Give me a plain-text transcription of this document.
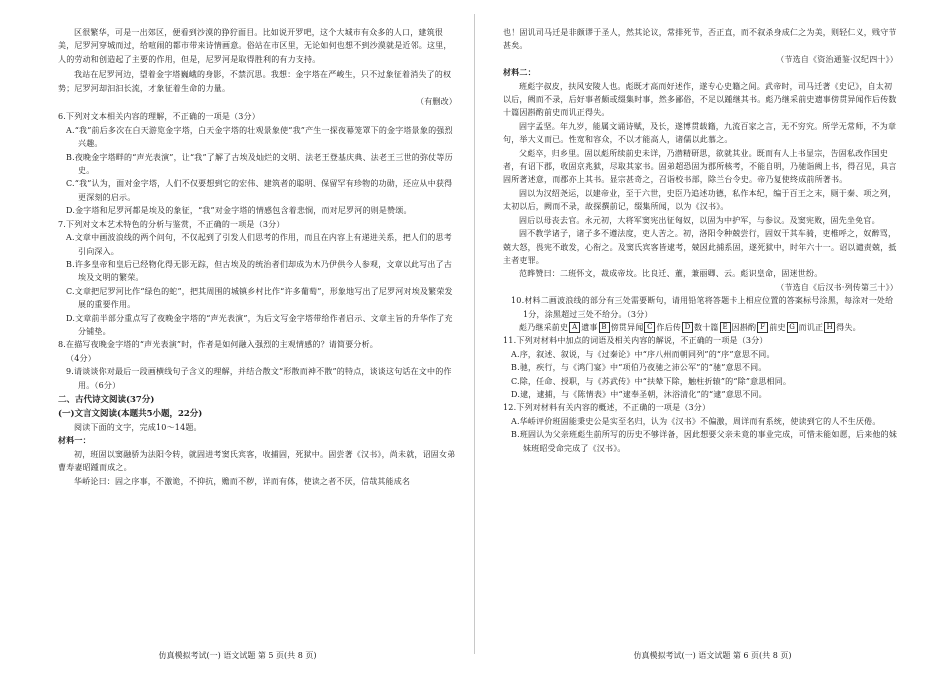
区很繁华，可是一出郊区，便看到沙漠的狰狞面目。比如说开罗吧，这个大城市有众多的人口，建筑很美，尼罗河穿城而过，给喧闹的都市带来诗情画意。俗站在市区里，无论如何也想不到沙漠就是近邻。这里，人的劳动和创造起了主要的作用，但是，尼罗河是取得胜利的有力支持。

我站在尼罗河边，望着金字塔巍峨的身影，不禁沉思。我想：金字塔在严峻生，只不过象征着消失了的权势；尼罗河却汩汩长流，才象征着生命的力量。

（有删改）

6.下列对文本相关内容的理解，不正确的一项是（3分）

A.“我”前后多次在白天游览金字塔，白天金字塔的壮观景象使“我”产生一探夜幕笼罩下的金字塔景象的强烈兴趣。

B.夜晚金字塔畔的“声光表演”，让“我”了解了古埃及灿烂的文明、法老王登基庆典、法老王三世的弥仗等历史。

C.“我”认为，面对金字塔，人们不仅要想到它的宏伟、建筑者的聪明、保留罕有珍物的功勋，还应从中获得更深刻的启示。

D.金字塔和尼罗河都是埃及的象征，“我”对金字塔的情感包含着悲悯，而对尼罗河的则是赞颂。

7.下列对文本艺术特色的分析与鉴赏，不正确的一项是（3分）

A.文章中画波浪线的两个问句，不仅起到了引发人们思考的作用，而且在内容上有递进关系，把人们的思考引向深入。

B.许多皇帝和皇后已经物化得无影无踪，但古埃及的统治者们却成为木乃伊供今人参观，文章以此写出了古埃及文明的繁荣。

C.文章把尼罗河比作“绿色的蛇”，把其周围的城镇乡村比作“许多葡萄”，形象地写出了尼罗河对埃及繁荣发展的重要作用。

D.文章前半部分重点写了夜晚金字塔的“声光表演”，为后文写金字塔带给作者启示、文章主旨的升华作了充分铺垫。

8.在描写夜晚金字塔的“声光表演”时，作者是如何融入强烈的主观情感的？请简要分析。

（4分）

9.请谈谈你对最后一段画横线句子含义的理解，并结合散文“形散而神不散”的特点，谈谈这句话在文中的作用。（6分）

二、古代诗文阅读(37分)

(一)文言文阅读(本题共5小题，22分)

阅读下面的文字，完成10～14题。

材料一：

初，班固以窦融骄为法阳令转，就固进考窦氏宾客，收捕固，死狱中。固尝著《汉书》，尚未就，诏固女弟曹寿妻昭踵而成之。

华峤论曰：固之序事，不激诡，不抑抗，赡而不秽，详而有体，使读之者不厌，信哉其能成名

仿真模拟考试(一) 语文试题 第 5 页(共 8 页)

也！固讥司马迁是非颇谬于圣人，然其论议，常排死节，否正直，而不叙杀身成仁之为美，则轻仁义，贱守节甚矣。

（节选自《资治通鉴·汉纪四十》）

材料二：

班彪字叔皮，扶风安陵人也。彪既才高而好述作，遂专心史籍之间。武帝时，司马迁著《史记》，自太初以后，阙而不录，后好事者颇或缀集时事，然多鄙俗，不足以踵继其书。彪乃继采前史遗事傍贯异闻作后传数十篇因斟酌前史而讥正得失。

固字孟坚。年九岁，能属文诵诗赋，及长，遂博贯载籍，九流百家之言，无不穷究。所学无常师，不为章句，举大义而已。性宽和容众，不以才能高人，诸儒以此慕之。

父彪卒，归乡里。固以彪所续前史未详，乃潜精研思，欲就其业。既而有人上书显宗，告固私改作国史者，有诏下郡，收固京兆狱，尽取其家书。固弟超恐固为郡所核考，不能自明，乃驰诣阙上书，得召见，具言固所著述意，而郡亦上其书。显宗甚奇之，召诣校书部，除兰台令史。帝乃复使终成前所著书。

固以为汉绍尧运，以建帝业，至于六世，史臣乃追述功德，私作本纪，编于百王之末，厕于秦、项之列，太初以后，阙而不录，故探撰前记，缀集所闻，以为《汉书》。

固后以母丧去官。永元初，大将军窦宪出征匈奴，以固为中护军，与参议。及窦宪败，固先坐免官。

固不教学诸子，诸子多不遵法度，吏人苦之。初，洛阳令种兢尝行，固奴干其车骑，吏椎呼之，奴醉骂，兢大怒，畏宪不敢发，心衔之。及窦氏宾客皆逮考，兢因此捕系固，遂死狱中，时年六十一。诏以谴责兢，抵主者吏罪。

范晔赞曰：二班怀文，裁成帝坟。比良迁、董，兼丽卿、云。彪识皇命，固迷世纷。

（节选自《后汉书·列传第三十》）

10.材料二画波浪线的部分有三处需要断句，请用铅笔将答题卡上相应位置的答案标号涂黑，每涂对一处给1分，涂黑超过三处不给分。（3分）

彪乃继采前史 A 遗事 B 傍贯异闻 C 作后传 D 数十篇 E 因斟酌 F 前史 G 而讥正 H 得失。

11.下列对材料中加点的词语及相关内容的解说，不正确的一项是（3分）

A.序，叙述、叙说，与《过秦论》中“序八州而朝同列”的“序”意思不同。

B.驰，疾行，与《鸿门宴》中“项伯乃夜驰之沛公军”的“驰”意思不同。

C.除，任命、授职，与《苏武传》中“扶辇下除，触柱折辕”的“除”意思相同。

D.逮，逮捕，与《陈情表》中“逮奉圣朝，沐浴清化”的“逮”意思不同。

12.下列对材料有关内容的概述，不正确的一项是（3分）

A.华峤评价班固能秉史公是实至名归，认为《汉书》不偏激，周详而有系统，使读到它的人不生厌倦。

B.班固认为父亲班彪生前所写的历史不够详备，因此想要父亲未竟的事业完成，可惜未能如愿，后来他的妹妹班昭受命完成了《汉书》。

仿真模拟考试(一) 语文试题 第 6 页(共 8 页)
